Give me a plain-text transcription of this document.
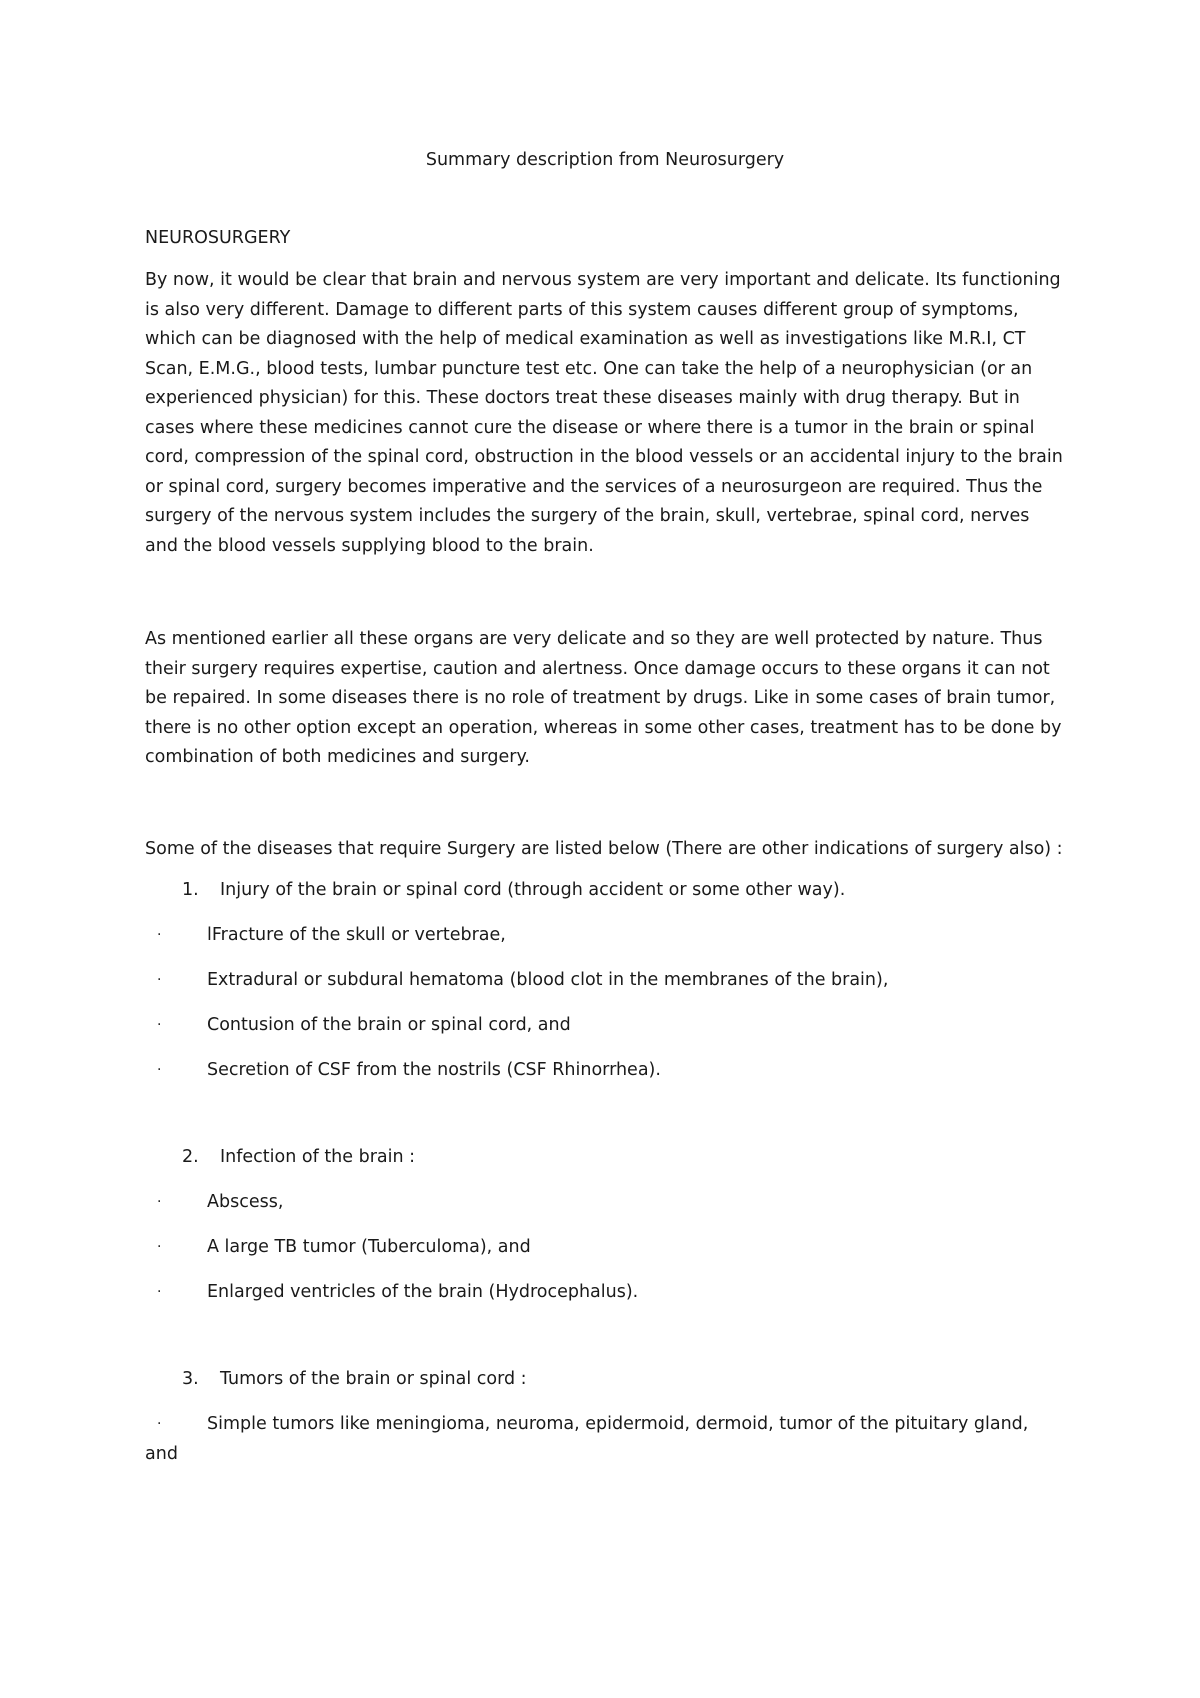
Summary description from Neurosurgery

NEUROSURGERY

By now, it would be clear that brain and nervous system are very important and delicate. Its functioning is also very different. Damage to different parts of this system causes different group of symptoms, which can be diagnosed with the help of medical examination as well as investigations like M.R.I, CT Scan, E.M.G., blood tests, lumbar puncture test etc. One can take the help of a neurophysician (or an experienced physician) for this. These doctors treat these diseases mainly with drug therapy. But in cases where these medicines cannot cure the disease or where there is a tumor in the brain or spinal cord, compression of the spinal cord, obstruction in the blood vessels or an accidental injury to the brain or spinal cord, surgery becomes imperative and the services of a neurosurgeon are required. Thus the surgery of the nervous system includes the surgery of the brain, skull, vertebrae, spinal cord, nerves and the blood vessels supplying blood to the brain.

As mentioned earlier all these organs are very delicate and so they are well protected by nature. Thus their surgery requires expertise, caution and alertness. Once damage occurs to these organs it can not be repaired. In some diseases there is no role of treatment by drugs. Like in some cases of brain tumor, there is no other option except an operation, whereas in some other cases, treatment has to be done by combination of both medicines and surgery.

Some of the diseases that require Surgery are listed below (There are other indications of surgery also) :

1. Injury of the brain or spinal cord (through accident or some other way).

·	lFracture of the skull or vertebrae,

·	Extradural or subdural hematoma (blood clot in the membranes of the brain),

·	Contusion of the brain or spinal cord, and

·	Secretion of CSF from the nostrils (CSF Rhinorrhea).

2. Infection of the brain :

·	Abscess,

·	A large TB tumor (Tuberculoma), and

·	Enlarged ventricles of the brain (Hydrocephalus).

3. Tumors of the brain or spinal cord :

·	Simple tumors like meningioma, neuroma, epidermoid, dermoid, tumor of the pituitary gland,

and
